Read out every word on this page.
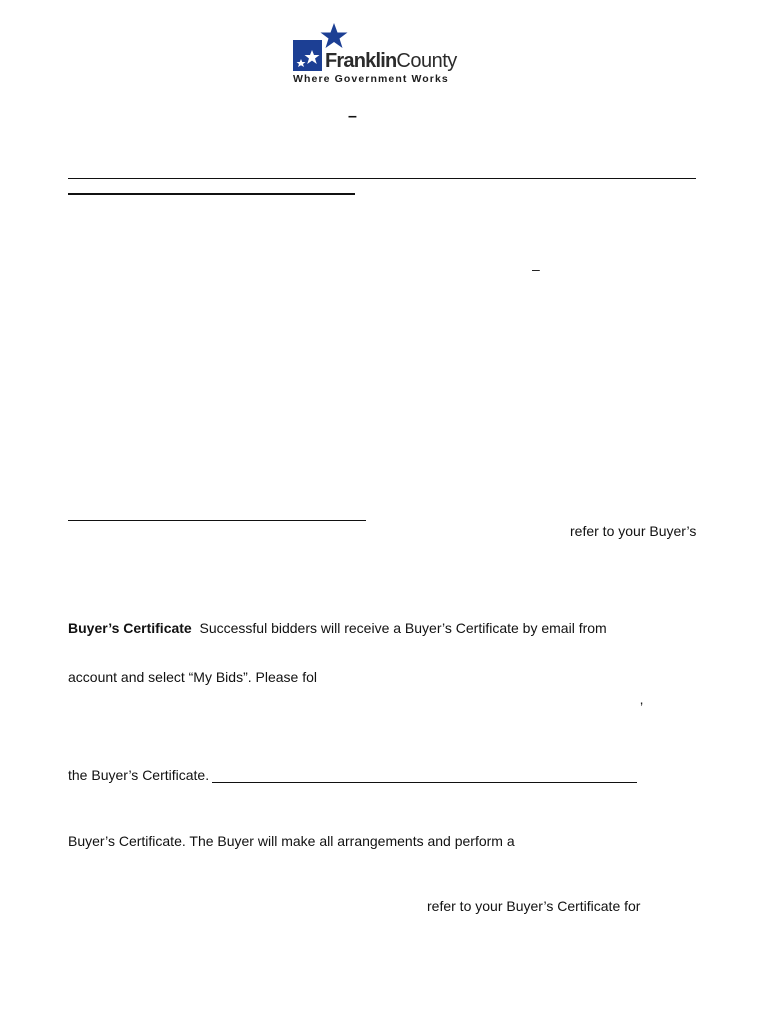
FranklinCounty
Where Government Works
–
–
refer to your Buyer’s
Buyer’s Certificate Successful bidders will receive a Buyer’s Certificate by email from
account and select “My Bids”. Please fol
’
the Buyer’s Certificate.
Buyer’s Certificate. The Buyer will make all arrangements and perform a
refer to your Buyer’s Certificate for
